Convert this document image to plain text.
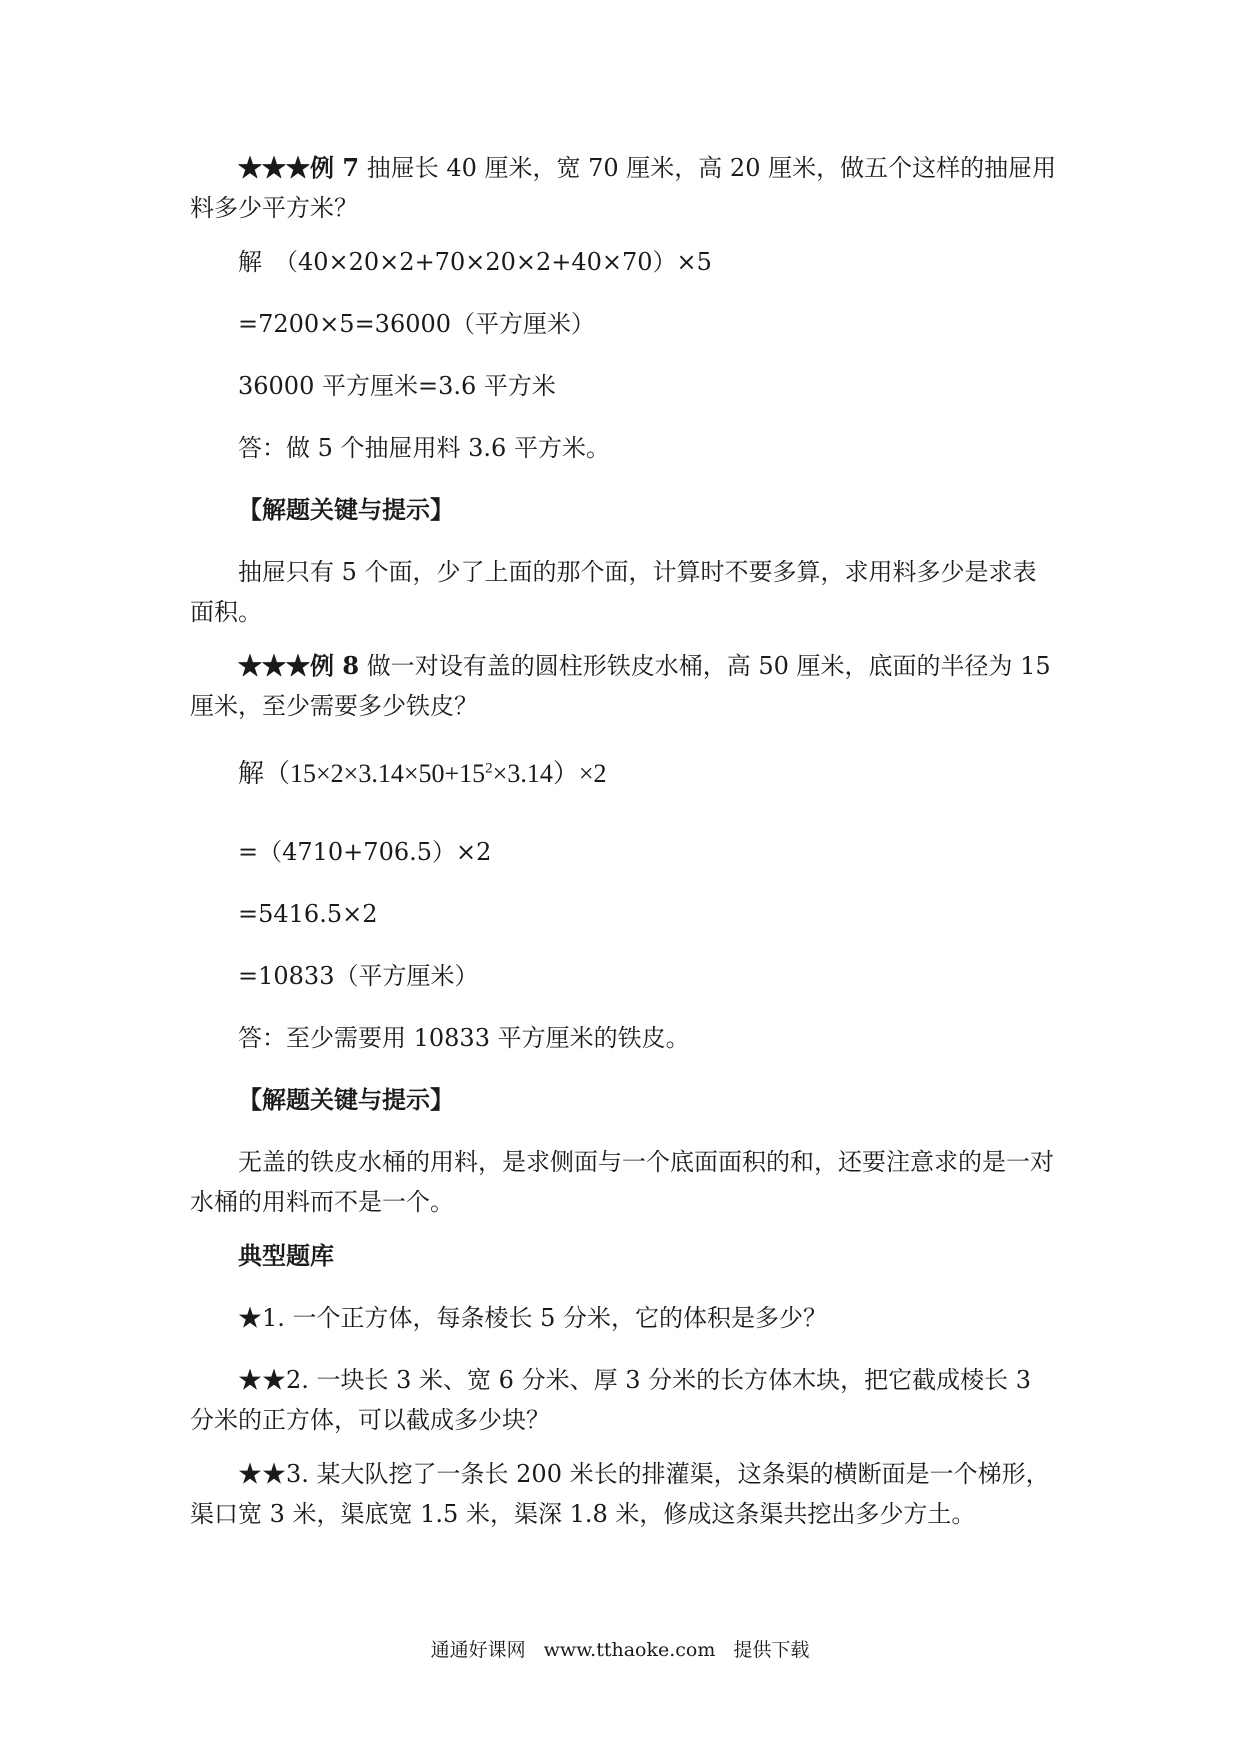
★★★例 7 抽屉长 40 厘米，宽 70 厘米，高 20 厘米，做五个这样的抽屉用料多少平方米？

解　（40×20×2+70×20×2+40×70）×5

=7200×5=36000（平方厘米）

36000 平方厘米=3.6 平方米

答：做 5 个抽屉用料 3.6 平方米。

【解题关键与提示】

抽屉只有 5 个面，少了上面的那个面，计算时不要多算，求用料多少是求表面积。

★★★例 8 做一对设有盖的圆柱形铁皮水桶，高 50 厘米，底面的半径为 15 厘米，至少需要多少铁皮？

解$(15\times 2\times 3.14\times 50+15^2\times 3.14)\times 2$

=（4710+706.5）×2

=5416.5×2

=10833（平方厘米）

答：至少需要用 10833 平方厘米的铁皮。

【解题关键与提示】

无盖的铁皮水桶的用料，是求侧面与一个底面面积的和，还要注意求的是一对水桶的用料而不是一个。

典型题库

★1. 一个正方体，每条棱长 5 分米，它的体积是多少？

★★2. 一块长 3 米、宽 6 分米、厚 3 分米的长方体木块，把它截成棱长 3 分米的正方体，可以截成多少块？

★★3. 某大队挖了一条长 200 米长的排灌渠，这条渠的横断面是一个梯形，渠口宽 3 米，渠底宽 1.5 米，渠深 1.8 米，修成这条渠共挖出多少方土。

通通好课网 www.tthaoke.com 提供下载
